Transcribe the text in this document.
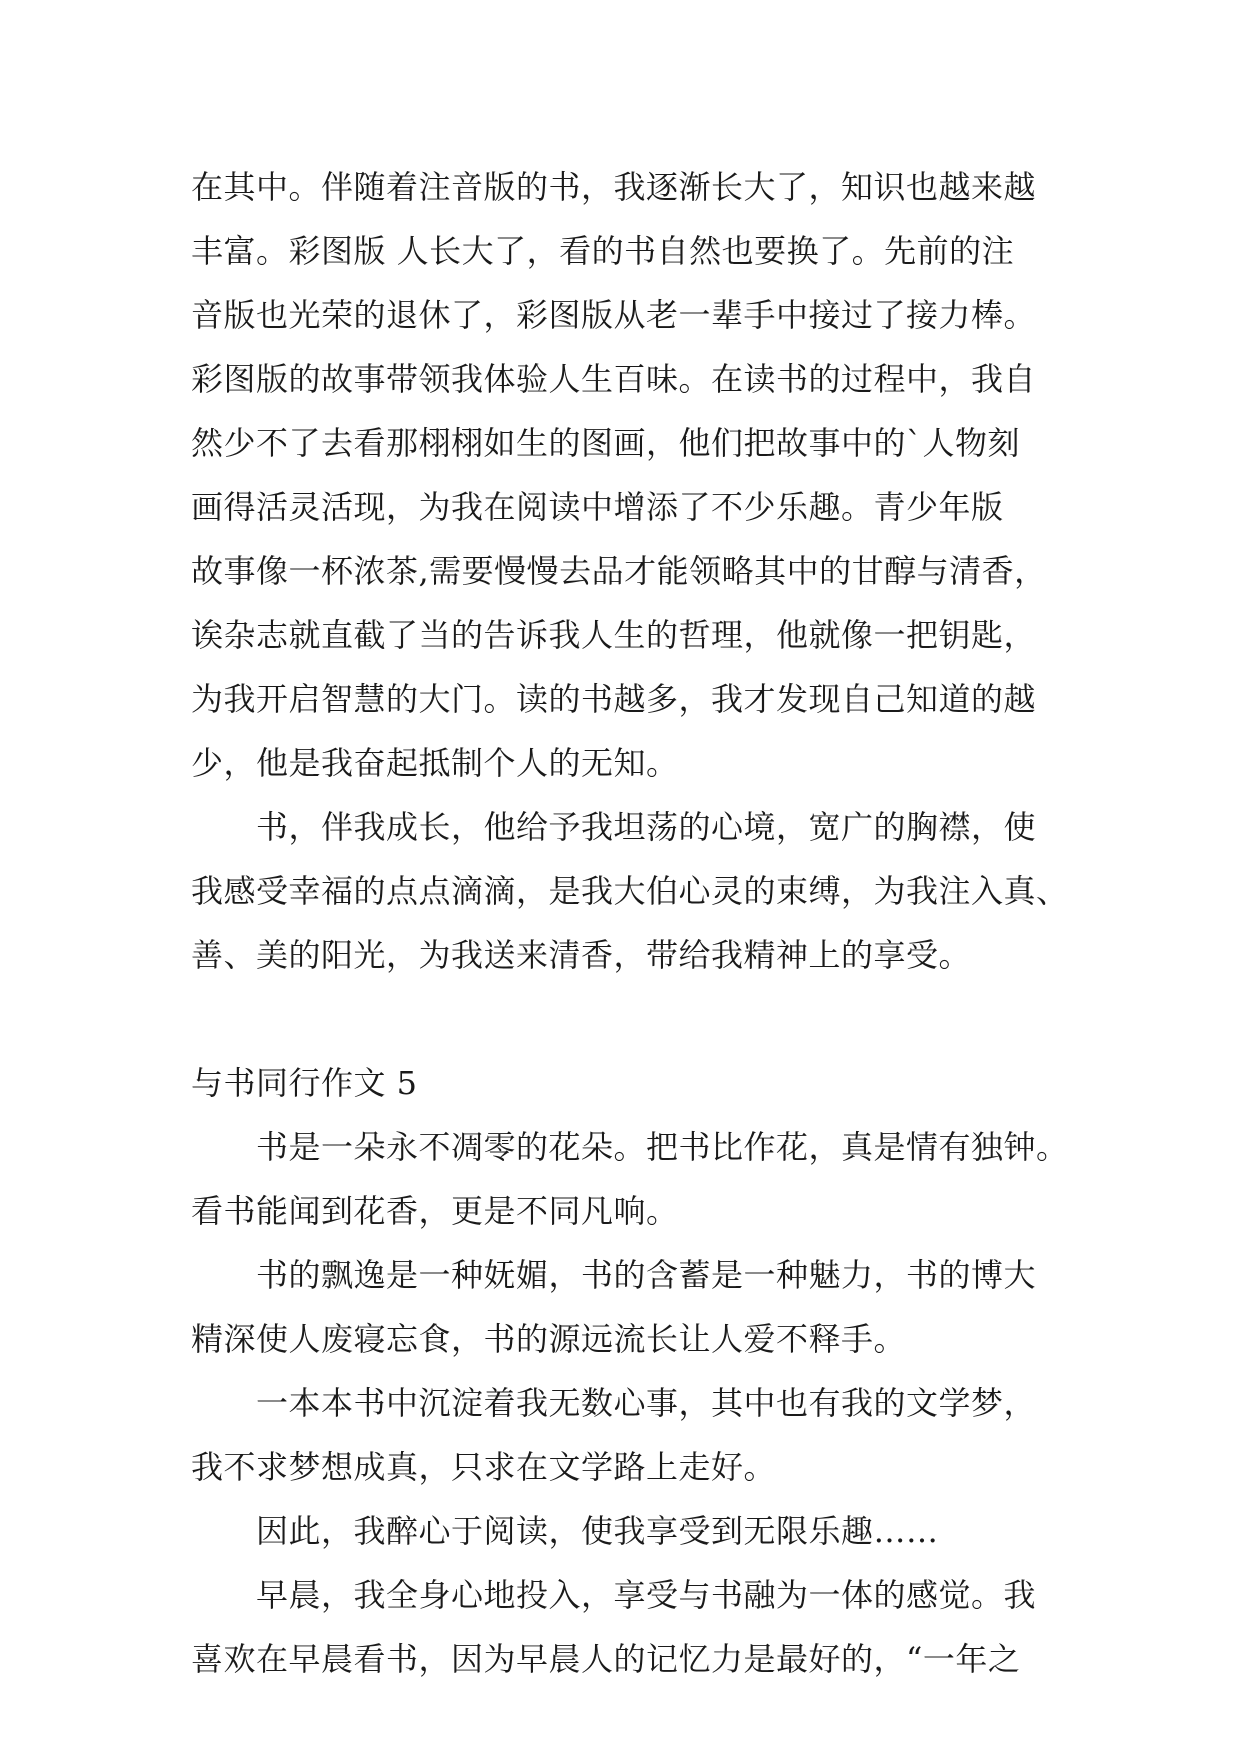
在其中。伴随着注音版的书，我逐渐长大了，知识也越来越
丰富。彩图版 人长大了，看的书自然也要换了。先前的注
音版也光荣的退休了，彩图版从老一辈手中接过了接力棒。
彩图版的故事带领我体验人生百味。在读书的过程中，我自
然少不了去看那栩栩如生的图画，他们把故事中的`人物刻
画得活灵活现，为我在阅读中增添了不少乐趣。青少年版
故事像一杯浓茶,需要慢慢去品才能领略其中的甘醇与清香，
诶杂志就直截了当的告诉我人生的哲理，他就像一把钥匙，
为我开启智慧的大门。读的书越多，我才发现自己知道的越
少，他是我奋起抵制个人的无知。
　　书，伴我成长，他给予我坦荡的心境，宽广的胸襟，使
我感受幸福的点点滴滴，是我大伯心灵的束缚，为我注入真、
善、美的阳光，为我送来清香，带给我精神上的享受。
与书同行作文 5
　　书是一朵永不凋零的花朵。把书比作花，真是情有独钟。
看书能闻到花香，更是不同凡响。
　　书的飘逸是一种妩媚，书的含蓄是一种魅力，书的博大
精深使人废寝忘食，书的源远流长让人爱不释手。
　　一本本书中沉淀着我无数心事，其中也有我的文学梦，
我不求梦想成真，只求在文学路上走好。
　　因此，我醉心于阅读，使我享受到无限乐趣……
　　早晨，我全身心地投入，享受与书融为一体的感觉。我
喜欢在早晨看书，因为早晨人的记忆力是最好的，“一年之
